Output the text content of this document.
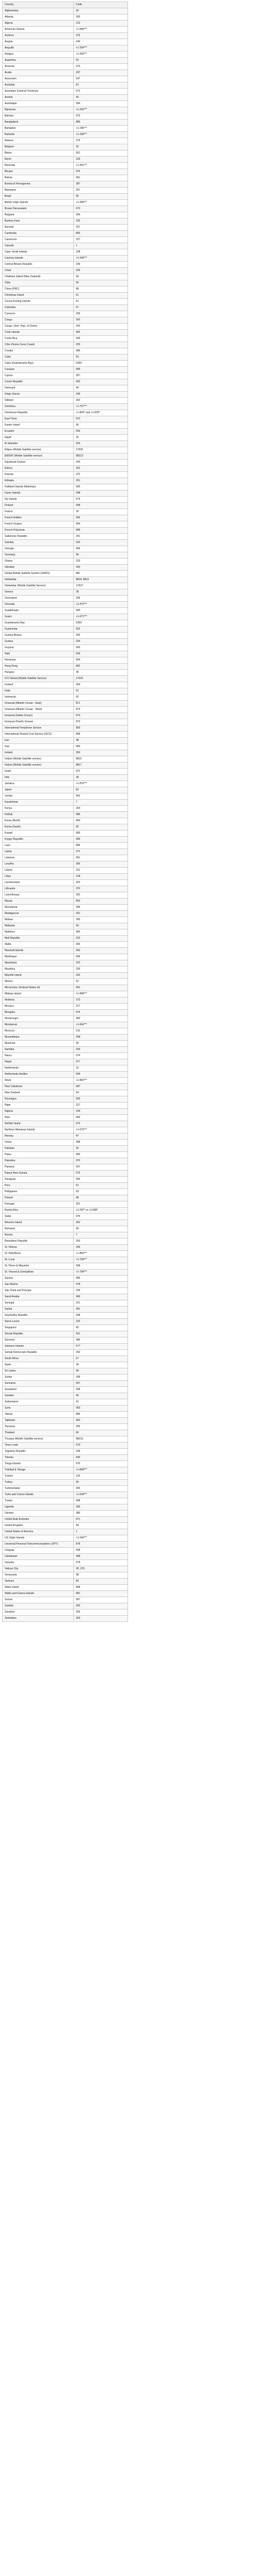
Country	Code
Afghanistan	93
Albania	355
Algeria	213
American Samoa	+1-684***
Andorra	376
Angola	244
Anguilla	+1-264***
Antigua	+1-268***
Argentina	54
Armenia	374
Aruba	297
Ascension	247
Australia	61
Australian External Territories	672
Austria	43
Azerbaijan	994
Bahamas	+1-242***
Bahrain	973
Bangladesh	880
Barbados	+1-246***
Barbuda	+1-268***
Belarus	375
Belgium	32
Belize	501
Benin	229
Bermuda	+1-441***
Bhutan	975
Bolivia	591
Bosnia & Herzegovina	387
Botswana	267
Brazil	55
British Virgin Islands	+1-284***
Brunei Darussalam	673
Bulgaria	359
Burkina Faso	226
Burundi	257
Cambodia	855
Cameroon	237
Canada	1
Cape Verde Islands	238
Cayman Islands	+1-345***
Central African Republic	236
Chad	235
Chatham Island (New Zealand)	64
Chile	56
China (PRC)	86
Christmas Island	61
Cocos-Keeling Islands	61
Colombia	57
Comoros	269
Congo	242
Congo, Dem. Rep. of (Zaire)	243
Cook Islands	682
Costa Rica	506
Côte d'Ivoire (Ivory Coast)	225
Croatia	385
Cuba	53
Cuba (Guantanamo Bay)	5399
Curaçao	599
Cyprus	357
Czech Republic	420
Denmark	45
Diego Garcia	246
Djibouti	253
Dominica	+1-767***
Dominican Republic	+1-809* and +1-829*
East Timor	670
Easter Island	56
Ecuador	593
Egypt	20
El Salvador	503
Ellipso (Mobile Satellite service)	17625
EMSAT (Mobile Satellite service)	88213
Equatorial Guinea	240
Eritrea	291
Estonia	372
Ethiopia	251
Falkland Islands (Malvinas)	500
Faroe Islands	298
Fiji Islands	679
Finland	358
France	33
French Antilles	596
French Guiana	594
French Polynesia	689
Gabonese Republic	241
Gambia	220
Georgia	995
Germany	49
Ghana	233
Gibraltar	350
Global Mobile Satellite System (GMSS)	881
Globalstar	8818, 8819
Globalstar (Mobile Satellite Service)	17637
Greece	30
Greenland	299
Grenada	+1-473***
Guadeloupe	590
Guam	+1-671***
Guantanamo Bay	5399
Guatemala	502
Guinea-Bissau	245
Guinea	224
Guyana	592
Haiti	509
Honduras	504
Hong Kong	852
Hungary	36
ICO Global (Mobile Satellite Service)	17625
Iceland	354
India	91
Indonesia	62
Inmarsat (Atlantic Ocean - East)	871
Inmarsat (Atlantic Ocean - West)	874
Inmarsat (Indian Ocean)	873
Inmarsat (Pacific Ocean)	872
International Freephone Service	800
International Shared Cost Service (ISCS)	808
Iran	98
Iraq	964
Ireland	353
Iridium (Mobile Satellite service)	8816
Iridium (Mobile Satellite service)	8817
Israel	972
Italy	39
Jamaica	+1-876***
Japan	81
Jordan	962
Kazakhstan	7
Kenya	254
Kiribati	686
Korea (North)	850
Korea (South)	82
Kuwait	965
Kyrgyz Republic	996
Laos	856
Latvia	371
Lebanon	961
Lesotho	266
Liberia	231
Libya	218
Liechtenstein	423
Lithuania	370
Luxembourg	352
Macao	853
Macedonia	389
Madagascar	261
Malawi	265
Malaysia	60
Maldives	960
Mali Republic	223
Malta	356
Marshall Islands	692
Martinique	596
Mauritania	222
Mauritius	230
Mayotte Island	262
Mexico	52
Micronesia, (Federal States of)	691
Midway Island	+1-808***
Moldova	373
Monaco	377
Mongolia	976
Montenegro	382
Montserrat	+1-664***
Morocco	212
Mozambique	258
Myanmar	95
Namibia	264
Nauru	674
Nepal	977
Netherlands	31
Netherlands Antilles	599
Nevis	+1-869***
New Caledonia	687
New Zealand	64
Nicaragua	505
Niger	227
Nigeria	234
Niue	683
Norfolk Island	672
Northern Marianas Islands	+1-670***
Norway	47
Oman	968
Pakistan	92
Palau	680
Palestine	970
Panama	507
Papua New Guinea	675
Paraguay	595
Peru	51
Philippines	63
Poland	48
Portugal	351
Puerto Rico	+1-787* or +1-939*
Qatar	974
Réunion Island	262
Romania	40
Russia	7
Rwandese Republic	250
St. Helena	290
St. Kitts/Nevis	+1-869***
St. Lucia	+1-758***
St. Pierre & Miquelon	508
St. Vincent & Grenadines	+1-784***
Samoa	685
San Marino	378
São Tomé and Principe	239
Saudi Arabia	966
Senegal	221
Serbia	381
Seychelles Republic	248
Sierra Leone	232
Singapore	65
Slovak Republic	421
Slovenia	386
Solomon Islands	677
Somali Democratic Republic	252
South Africa	27
Spain	34
Sri Lanka	94
Sudan	249
Suriname	597
Swaziland	268
Sweden	46
Switzerland	41
Syria	963
Taiwan	886
Tajikistan	992
Tanzania	255
Thailand	66
Thuraya (Mobile Satellite service)	88216
Timor Leste	670
Togolese Republic	228
Tokelau	690
Tonga Islands	676
Trinidad & Tobago	+1-868***
Tunisia	216
Turkey	90
Turkmenistan	993
Turks and Caicos Islands	+1-649***
Tuvalu	688
Uganda	256
Ukraine	380
United Arab Emirates	971
United Kingdom	44
United States of America	1
US Virgin Islands	+1-340***
Universal Personal Telecommunications (UPT)	878
Uruguay	598
Uzbekistan	998
Vanuatu	678
Vatican City	39, 379
Venezuela	58
Vietnam	84
Wake Island	808
Wallis and Futuna Islands	681
Yemen	967
Zambia	260
Zanzibar	255
Zimbabwe	263
